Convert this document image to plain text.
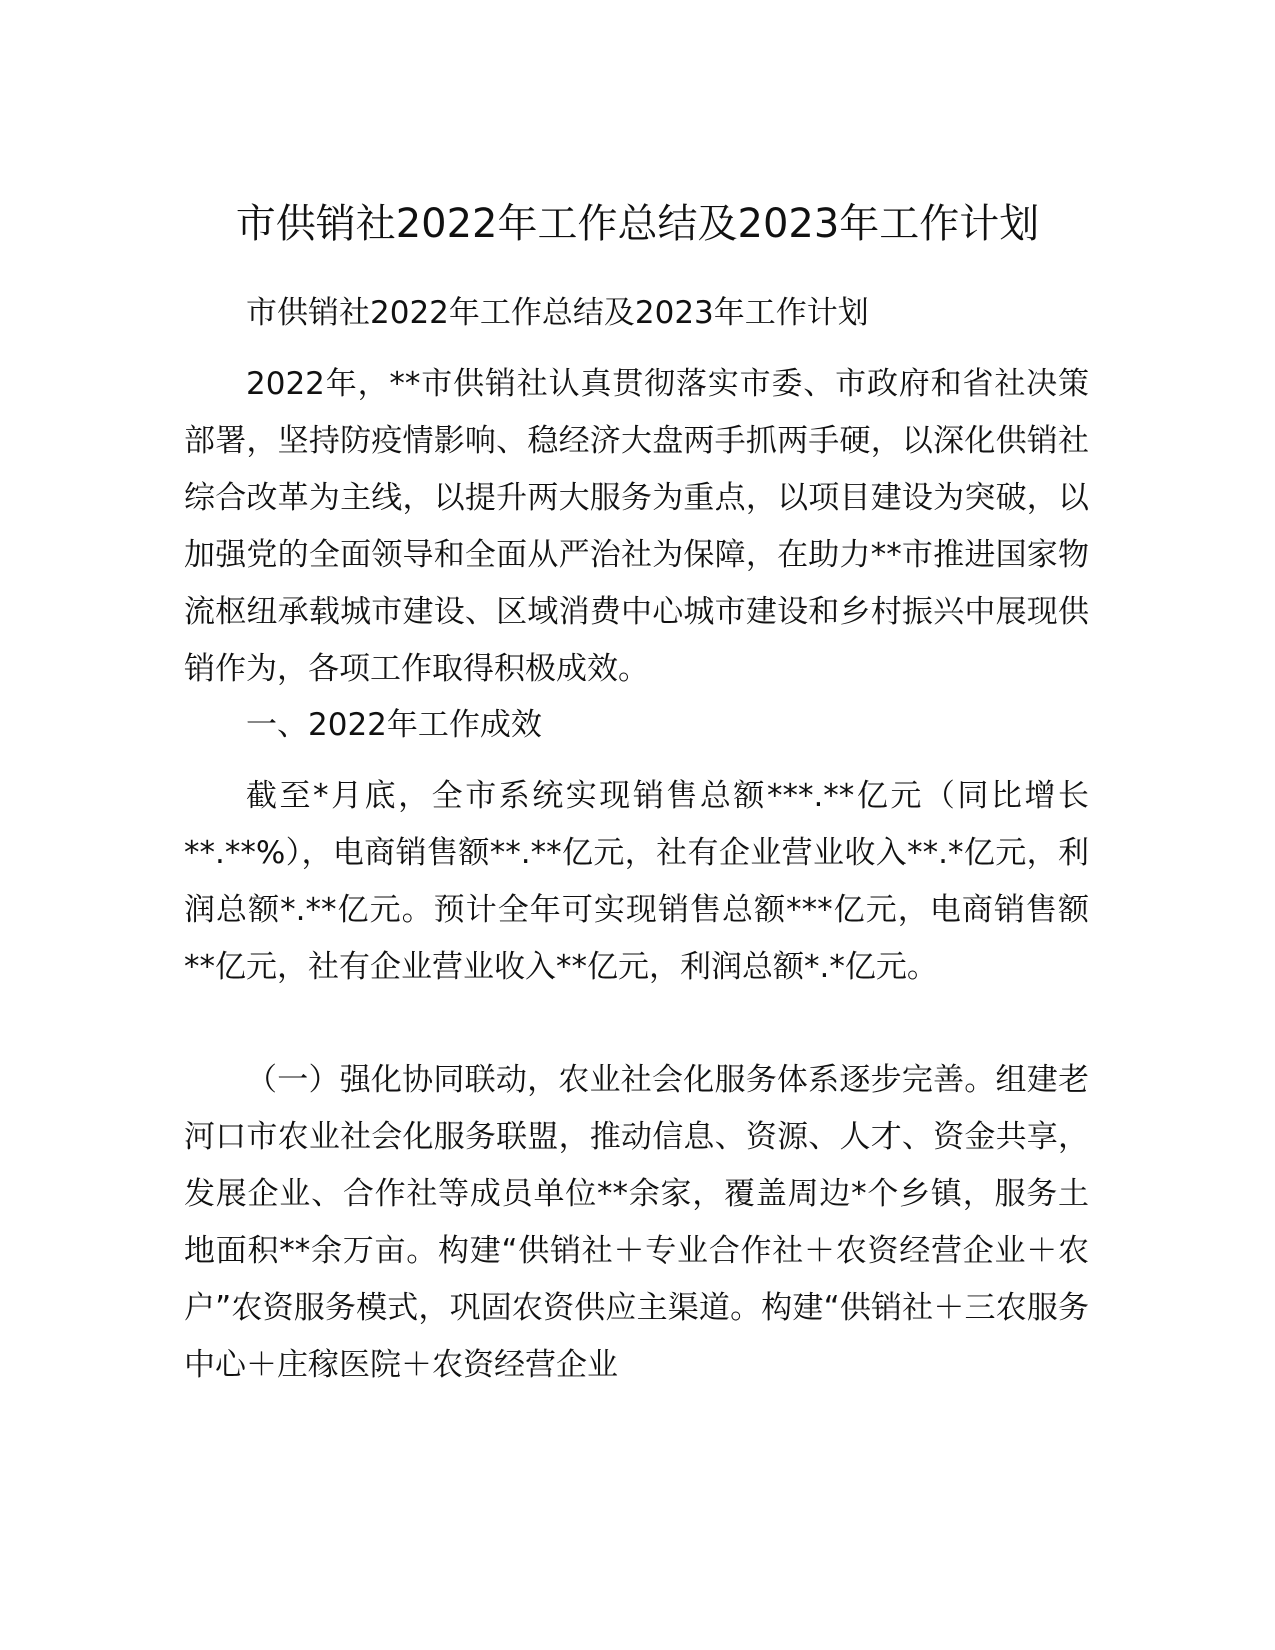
市供销社2022年工作总结及2023年工作计划

市供销社2022年工作总结及2023年工作计划

2022年，**市供销社认真贯彻落实市委、市政府和省社决策部署，坚持防疫情影响、稳经济大盘两手抓两手硬，以深化供销社综合改革为主线，以提升两大服务为重点，以项目建设为突破，以加强党的全面领导和全面从严治社为保障，在助力**市推进国家物流枢纽承载城市建设、区域消费中心城市建设和乡村振兴中展现供销作为，各项工作取得积极成效。

一、2022年工作成效

截至*月底，全市系统实现销售总额***.**亿元（同比增长**.**%），电商销售额**.**亿元，社有企业营业收入**.*亿元，利润总额*.**亿元。预计全年可实现销售总额***亿元，电商销售额**亿元，社有企业营业收入**亿元，利润总额*.*亿元。

（一）强化协同联动，农业社会化服务体系逐步完善。组建老河口市农业社会化服务联盟，推动信息、资源、人才、资金共享，发展企业、合作社等成员单位**余家，覆盖周边*个乡镇，服务土地面积**余万亩。构建“供销社＋专业合作社＋农资经营企业＋农户”农资服务模式，巩固农资供应主渠道。构建“供销社＋三农服务中心＋庄稼医院＋农资经营企业
